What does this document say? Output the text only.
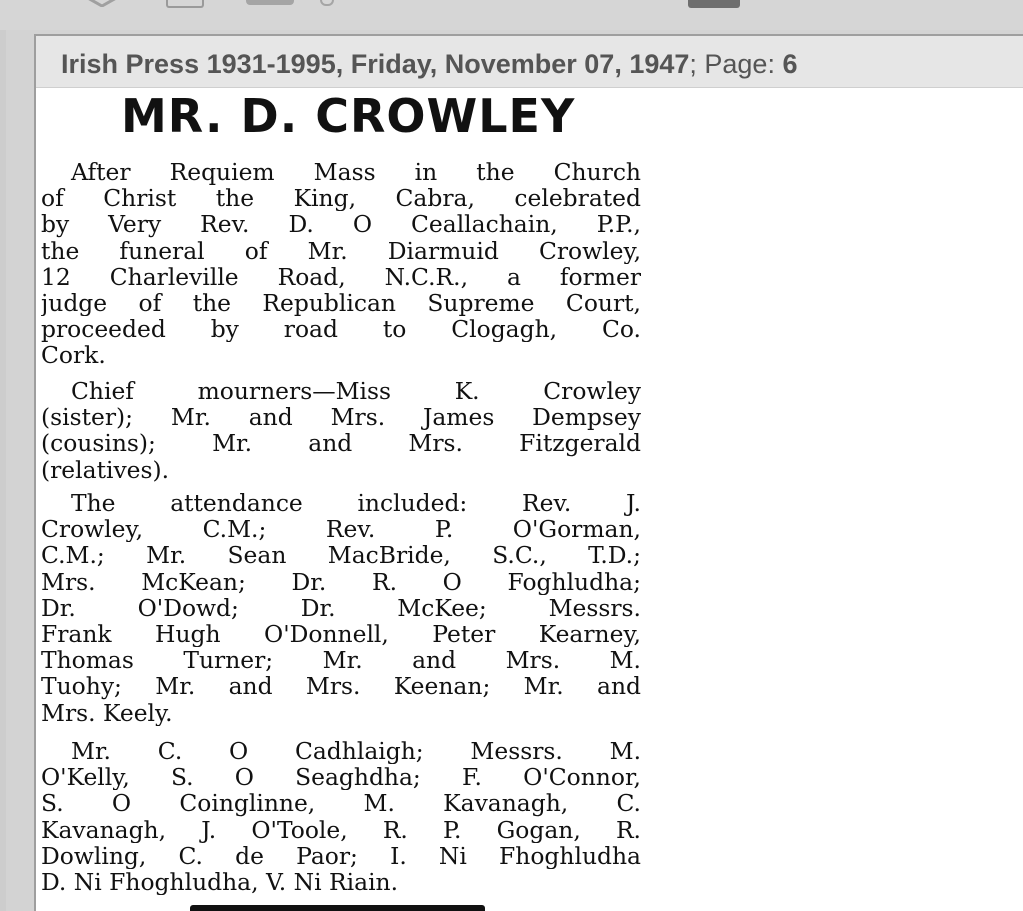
Irish Press 1931-1995, Friday, November 07, 1947; Page: 6
MR. D. CROWLEY
After Requiem Mass in the Church
of Christ the King, Cabra, celebrated
by Very Rev. D. O Ceallachain, P.P.,
the funeral of Mr. Diarmuid Crowley,
12 Charleville Road, N.C.R., a former
judge of the Republican Supreme Court,
proceeded by road to Clogagh, Co.
Cork.
Chief mourners—Miss K. Crowley
(sister); Mr. and Mrs. James Dempsey
(cousins); Mr. and Mrs. Fitzgerald
(relatives).
The attendance included: Rev. J.
Crowley, C.M.; Rev. P. O'Gorman,
C.M.; Mr. Sean MacBride, S.C., T.D.;
Mrs. McKean; Dr. R. O Foghludha;
Dr. O'Dowd; Dr. McKee; Messrs.
Frank Hugh O'Donnell, Peter Kearney,
Thomas Turner; Mr. and Mrs. M.
Tuohy; Mr. and Mrs. Keenan; Mr. and
Mrs. Keely.
Mr. C. O Cadhlaigh; Messrs. M.
O'Kelly, S. O Seaghdha; F. O'Connor,
S. O Coinglinne, M. Kavanagh, C.
Kavanagh, J. O'Toole, R. P. Gogan, R.
Dowling, C. de Paor; I. Ni Fhoghludha
D. Ni Fhoghludha, V. Ni Riain.
